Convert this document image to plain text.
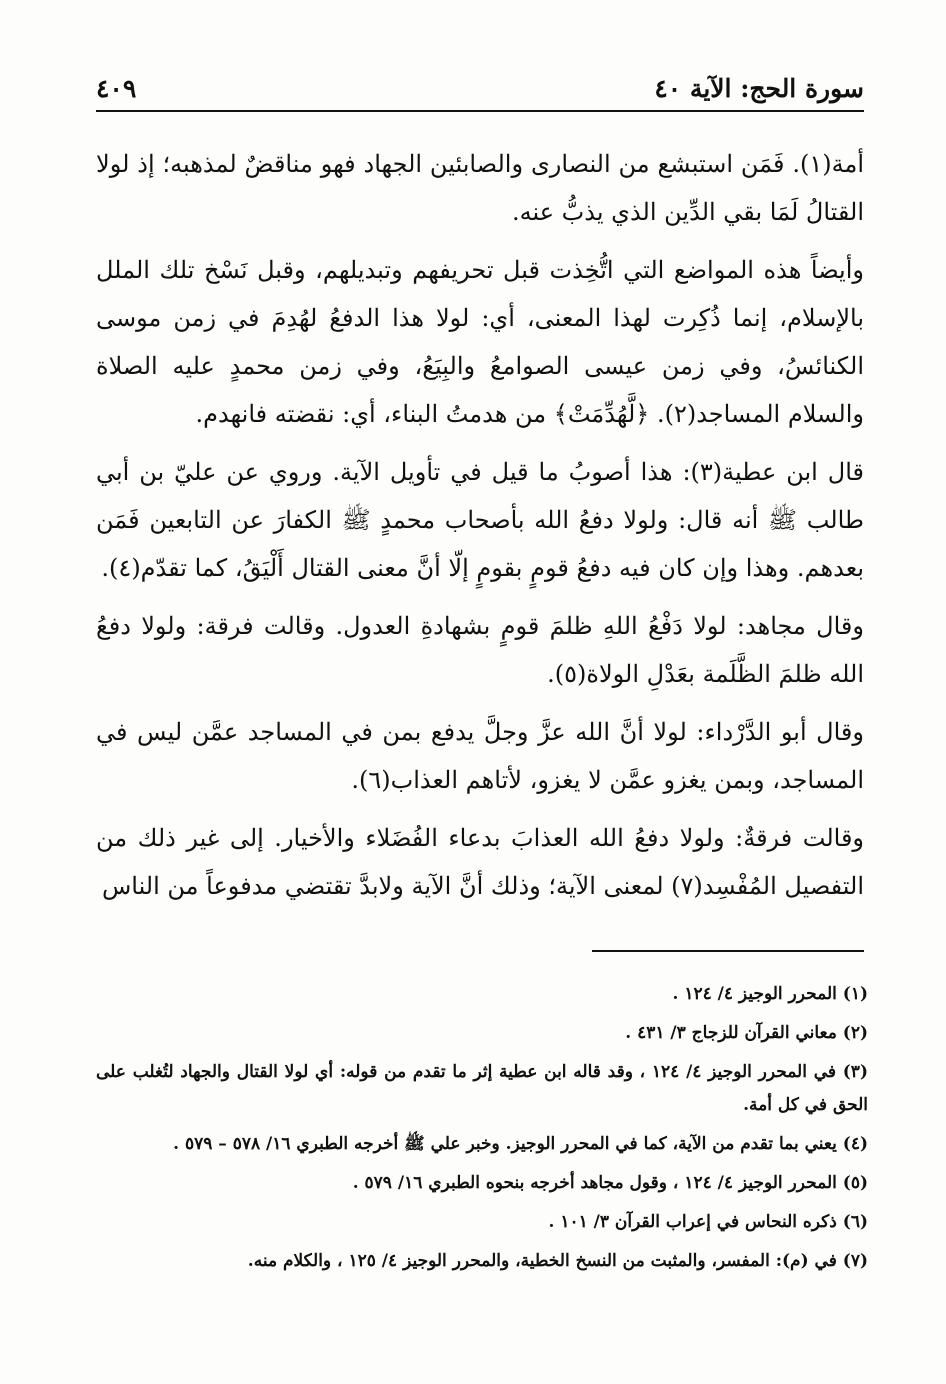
سورة الحج: الآية ٤٠
٤٠٩

أمة(١). فَمَن استبشع من النصارى والصابئين الجهاد فهو مناقضٌ لمذهبه؛ إذ لولا القتالُ لَمَا بقي الدِّين الذي يذبُّ عنه.

وأيضاً هذه المواضع التي اتُّخِذت قبل تحريفهم وتبديلهم، وقبل نَسْخ تلك الملل بالإسلام، إنما ذُكِرت لهذا المعنى، أي: لولا هذا الدفعُ لهُدِمَ في زمن موسى الكنائسُ، وفي زمن عيسى الصوامعُ والبِيَعُ، وفي زمن محمدٍ عليه الصلاة والسلام المساجد(٢). ﴿لَّهُدِّمَتْ﴾ من هدمتُ البناء، أي: نقضته فانهدم.

قال ابن عطية(٣): هذا أصوبُ ما قيل في تأويل الآية. وروي عن عليّ بن أبي طالب ﷺ أنه قال: ولولا دفعُ الله بأصحاب محمدٍ ﷺ الكفارَ عن التابعين فَمَن بعدهم. وهذا وإن كان فيه دفعُ قومٍ بقومٍ إلّا أنَّ معنى القتال أَلْيَقُ، كما تقدّم(٤).

وقال مجاهد: لولا دَفْعُ اللهِ ظلمَ قومٍ بشهادةِ العدول. وقالت فرقة: ولولا دفعُ الله ظلمَ الظَّلَمة بعَدْلِ الولاة(٥).

وقال أبو الدَّرْداء: لولا أنَّ الله عزَّ وجلَّ يدفع بمن في المساجد عمَّن ليس في المساجد، وبمن يغزو عمَّن لا يغزو، لأتاهم العذاب(٦).

وقالت فرقةٌ: ولولا دفعُ الله العذابَ بدعاء الفُضَلاء والأخيار. إلى غير ذلك من التفصيل المُفْسِد(٧) لمعنى الآية؛ وذلك أنَّ الآية ولابدَّ تقتضي مدفوعاً من الناس

(١) المحرر الوجيز ٤/ ١٢٤ .

(٢) معاني القرآن للزجاج ٣/ ٤٣١ .

(٣) في المحرر الوجيز ٤/ ١٢٤ ، وقد قاله ابن عطية إثر ما تقدم من قوله: أي لولا القتال والجهاد لتُغلب على الحق في كل أمة.

(٤) يعني بما تقدم من الآية، كما في المحرر الوجيز. وخبر علي ﷺ أخرجه الطبري ١٦/ ٥٧٨ – ٥٧٩ .

(٥) المحرر الوجيز ٤/ ١٢٤ ، وقول مجاهد أخرجه بنحوه الطبري ١٦/ ٥٧٩ .

(٦) ذكره النحاس في إعراب القرآن ٣/ ١٠١ .

(٧) في (م): المفسر، والمثبت من النسخ الخطية، والمحرر الوجيز ٤/ ١٢٥ ، والكلام منه.
